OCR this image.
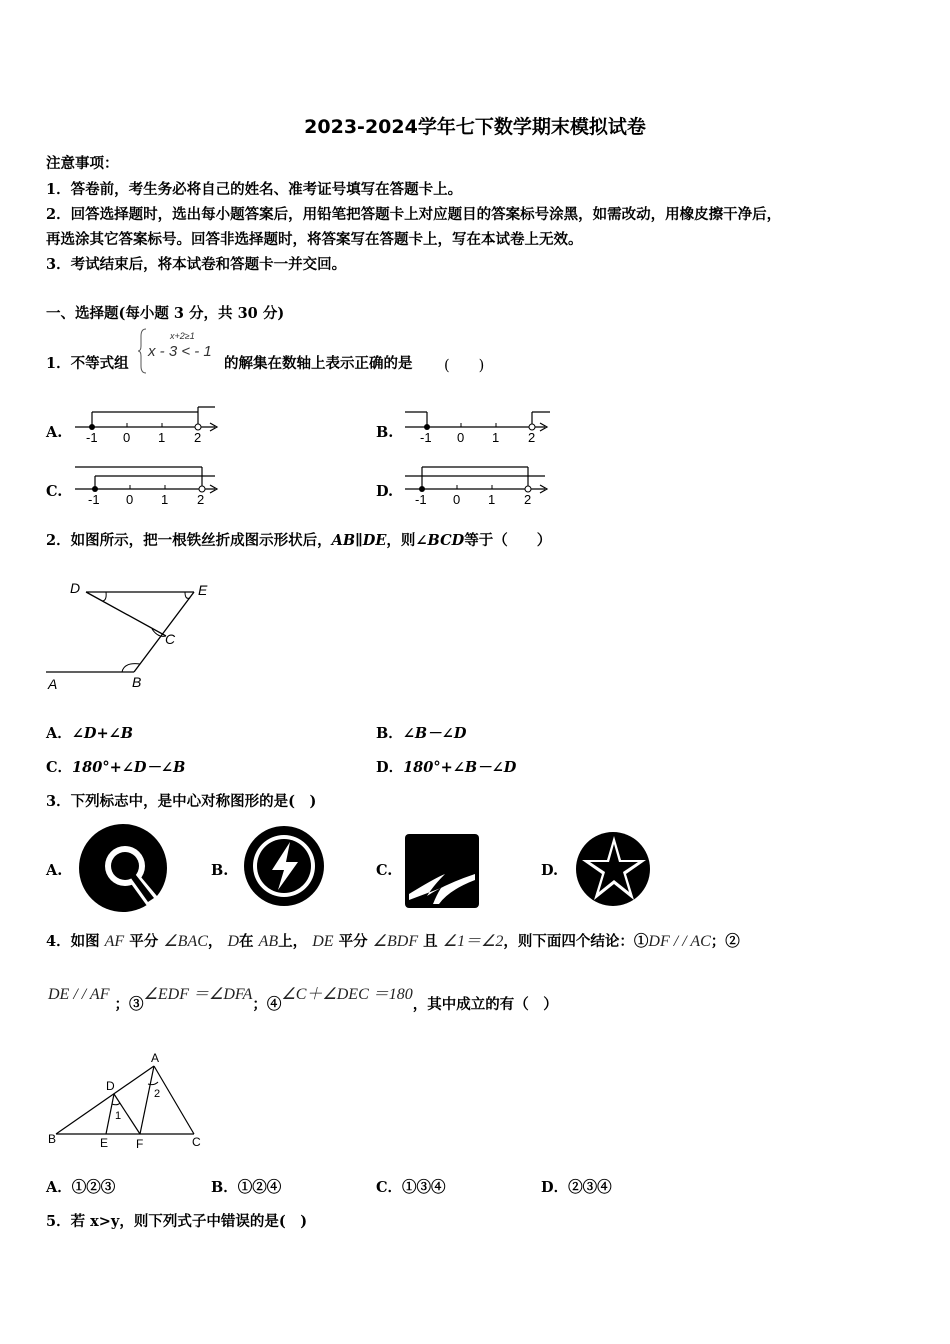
2023-2024学年七下数学期末模拟试卷
注意事项：
1．答卷前，考生务必将自己的姓名、准考证号填写在答题卡上。
2．回答选择题时，选出每小题答案后，用铅笔把答题卡上对应题目的答案标号涂黑，如需改动，用橡皮擦干净后，
再选涂其它答案标号。回答非选择题时，将答案写在答题卡上，写在本试卷上无效。
3．考试结束后，将本试卷和答题卡一并交回。
一、选择题(每小题 3 分，共 30 分)
1．不等式组
x+2≥1
x - 3 < - 1
的解集在数轴上表示正确的是 (　　)
A. -1 0 1 2	B. -1 0 1 2
C. -1 0 1 2	D. -1 0 1 2
2．如图所示，把一根铁丝折成图示形状后，AB∥DE，则∠BCD等于（　　）
D	E
C
A	B
A．∠D+∠B	B．∠B－∠D
C．180°+∠D－∠B	D．180°+∠B－∠D
3．下列标志中，是中心对称图形的是(　)
A.	B.	C.	D.
4．如图 AF 平分 ∠BAC， D在 AB上， DE 平分 ∠BDF 且 ∠1＝∠2，则下面四个结论：①DF / / AC；②
DE / / AF ；③∠EDF ＝∠DFA；④∠C＋∠DEC ＝180，其中成立的有（　）
A
D
B	E F	C
1
2
A．①②③	B．①②④	C．①③④	D．②③④
5．若 x>y，则下列式子中错误的是(　)
